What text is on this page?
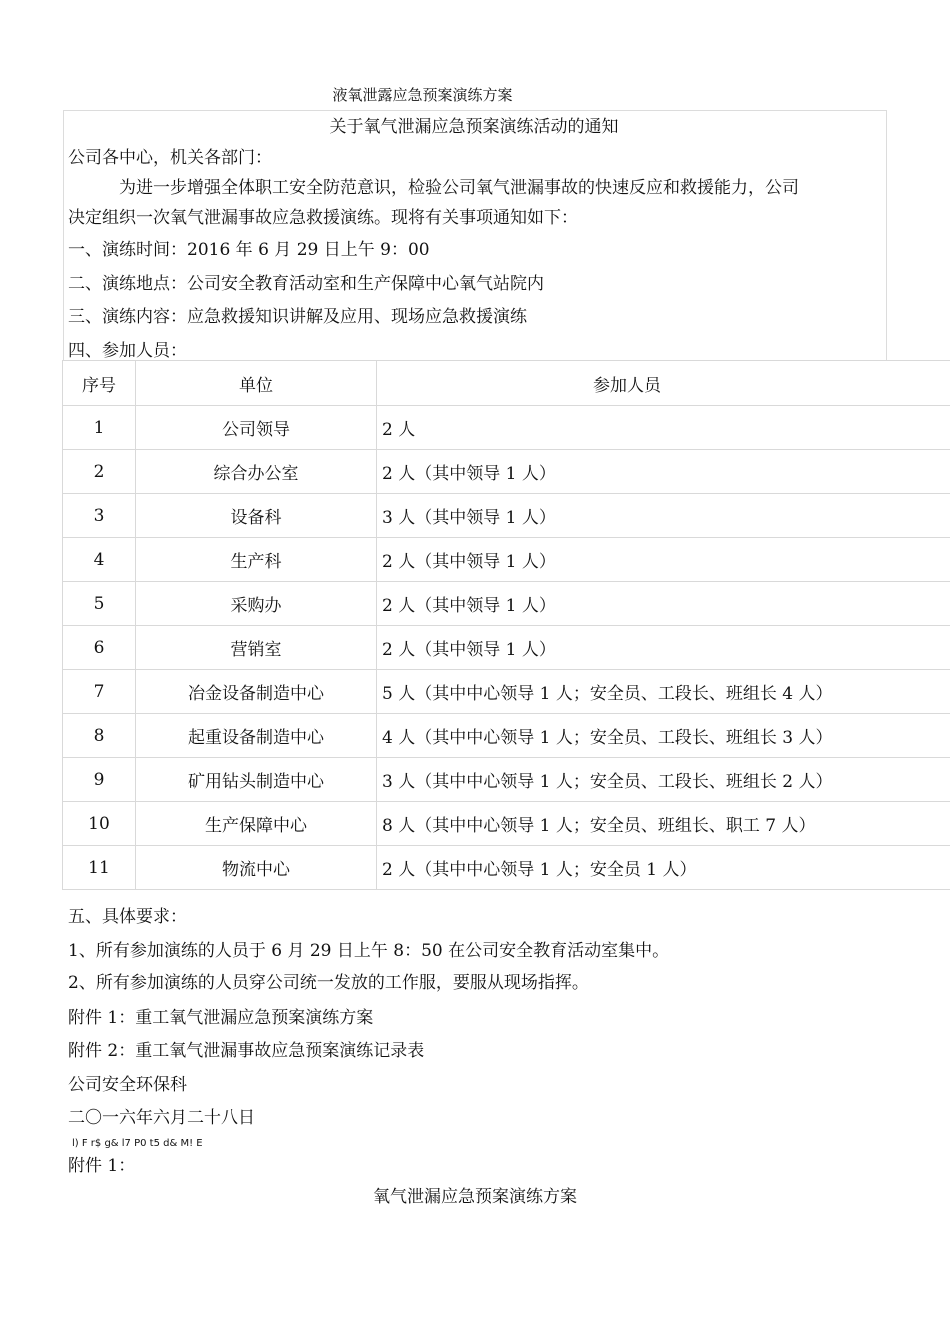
液氧泄露应急预案演练方案
关于氧气泄漏应急预案演练活动的通知
公司各中心，机关各部门：
为进一步增强全体职工安全防范意识，检验公司氧气泄漏事故的快速反应和救援能力，公司
决定组织一次氧气泄漏事故应急救援演练。现将有关事项通知如下：
一、演练时间：2016 年 6 月 29 日上午 9：00
二、演练地点：公司安全教育活动室和生产保障中心氧气站院内
三、演练内容：应急救援知识讲解及应用、现场应急救援演练
四、参加人员：
序号	单位	参加人员
1	公司领导	2 人
2	综合办公室	2 人（其中领导 1 人）
3	设备科	3 人（其中领导 1 人）
4	生产科	2 人（其中领导 1 人）
5	采购办	2 人（其中领导 1 人）
6	营销室	2 人（其中领导 1 人）
7	冶金设备制造中心	5 人（其中中心领导 1 人；安全员、工段长、班组长 4 人）
8	起重设备制造中心	4 人（其中中心领导 1 人；安全员、工段长、班组长 3 人）
9	矿用钻头制造中心	3 人（其中中心领导 1 人；安全员、工段长、班组长 2 人）
10	生产保障中心	8 人（其中中心领导 1 人；安全员、班组长、职工 7 人）
11	物流中心	2 人（其中中心领导 1 人；安全员 1 人）
五、具体要求：
1、所有参加演练的人员于 6 月 29 日上午 8：50 在公司安全教育活动室集中。
2、所有参加演练的人员穿公司统一发放的工作服，要服从现场指挥。
附件 1：重工氧气泄漏应急预案演练方案
附件 2：重工氧气泄漏事故应急预案演练记录表
公司安全环保科
二〇一六年六月二十八日
l) F r$ g& l7 P0 t5 d& M! E
附件 1：
氧气泄漏应急预案演练方案
